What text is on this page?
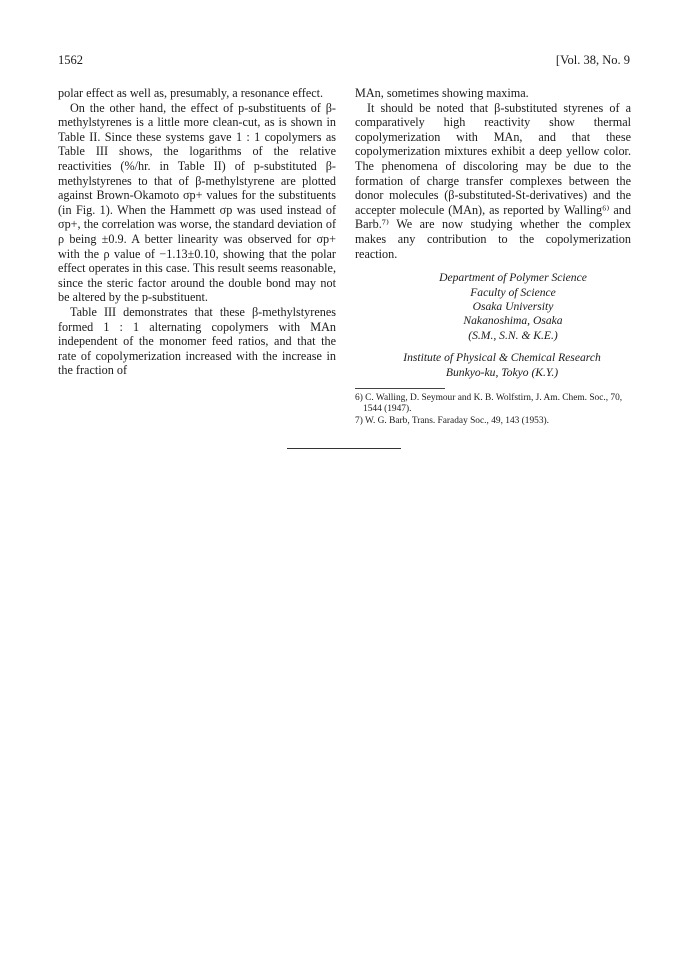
1562	[Vol. 38, No. 9

polar effect as well as, presumably, a resonance effect.

On the other hand, the effect of p-substituents of β-methylstyrenes is a little more clean-cut, as is shown in Table II. Since these systems gave 1 : 1 copolymers as Table III shows, the logarithms of the relative reactivities (%/hr. in Table II) of p-substituted β-methylstyrenes to that of β-methylstyrene are plotted against Brown-Okamoto σp+ values for the substituents (in Fig. 1). When the Hammett σp was used instead of σp+, the correlation was worse, the standard deviation of ρ being ±0.9. A better linearity was observed for σp+ with the ρ value of −1.13±0.10, showing that the polar effect operates in this case. This result seems reasonable, since the steric factor around the double bond may not be altered by the p-substituent.

Table III demonstrates that these β-methylstyrenes formed 1 : 1 alternating copolymers with MAn independent of the monomer feed ratios, and that the rate of copolymerization increased with the increase in the fraction of

MAn, sometimes showing maxima.

It should be noted that β-substituted styrenes of a comparatively high reactivity show thermal copolymerization with MAn, and that these copolymerization mixtures exhibit a deep yellow color. The phenomena of discoloring may be due to the formation of charge transfer complexes between the donor molecules (β-substituted-St-derivatives) and the accepter molecule (MAn), as reported by Walling⁶⁾ and Barb.⁷⁾ We are now studying whether the complex makes any contribution to the copolymerization reaction.

Department of Polymer Science
Faculty of Science
Osaka University
Nakanoshima, Osaka
(S.M., S.N. & K.E.)
Institute of Physical & Chemical Research
Bunkyo-ku, Tokyo (K.Y.)
6) C. Walling, D. Seymour and K. B. Wolfstirn, J. Am. Chem. Soc., 70, 1544 (1947).
7) W. G. Barb, Trans. Faraday Soc., 49, 143 (1953).
